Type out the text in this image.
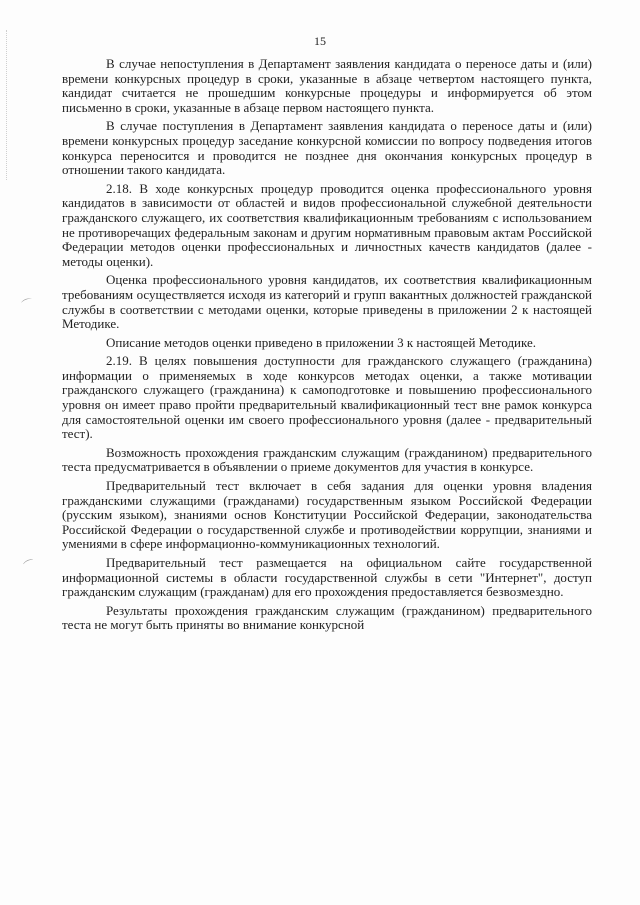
⌒
⌒
15

В случае непоступления в Департамент заявления кандидата о переносе даты и (или) времени конкурсных процедур в сроки, указанные в абзаце четвертом настоящего пункта, кандидат считается не прошедшим конкурсные процедуры и информируется об этом письменно в сроки, указанные в абзаце первом настоящего пункта.

В случае поступления в Департамент заявления кандидата о переносе даты и (или) времени конкурсных процедур заседание конкурсной комиссии по вопросу подведения итогов конкурса переносится и проводится не позднее дня окончания конкурсных процедур в отношении такого кандидата.

2.18. В ходе конкурсных процедур проводится оценка профессионального уровня кандидатов в зависимости от областей и видов профессиональной служебной деятельности гражданского служащего, их соответствия квалификационным требованиям с использованием не противоречащих федеральным законам и другим нормативным правовым актам Российской Федерации методов оценки профессиональных и личностных качеств кандидатов (далее - методы оценки).

Оценка профессионального уровня кандидатов, их соответствия квалификационным требованиям осуществляется исходя из категорий и групп вакантных должностей гражданской службы в соответствии с методами оценки, которые приведены в приложении 2 к настоящей Методике.

Описание методов оценки приведено в приложении 3 к настоящей Методике.

2.19. В целях повышения доступности для гражданского служащего (гражданина) информации о применяемых в ходе конкурсов методах оценки, а также мотивации гражданского служащего (гражданина) к самоподготовке и повышению профессионального уровня он имеет право пройти предварительный квалификационный тест вне рамок конкурса для самостоятельной оценки им своего профессионального уровня (далее - предварительный тест).

Возможность прохождения гражданским служащим (гражданином) предварительного теста предусматривается в объявлении о приеме документов для участия в конкурсе.

Предварительный тест включает в себя задания для оценки уровня владения гражданскими служащими (гражданами) государственным языком Российской Федерации (русским языком), знаниями основ Конституции Российской Федерации, законодательства Российской Федерации о государственной службе и противодействии коррупции, знаниями и умениями в сфере информационно-коммуникационных технологий.

Предварительный тест размещается на официальном сайте государственной информационной системы в области государственной службы в сети "Интернет", доступ гражданским служащим (гражданам) для его прохождения предоставляется безвозмездно.

Результаты прохождения гражданским служащим (гражданином) предварительного теста не могут быть приняты во внимание конкурсной
